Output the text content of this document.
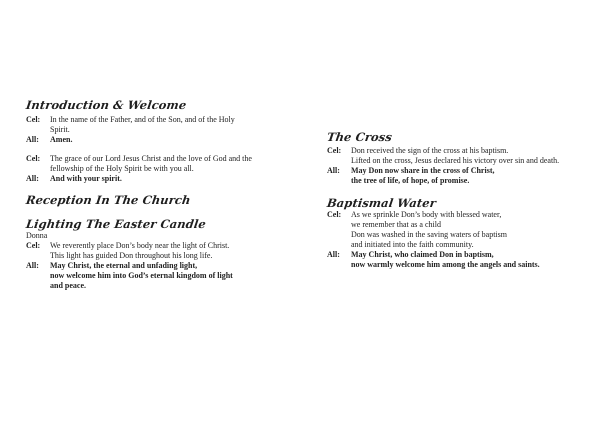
Introduction & Welcome
Cel:	In the name of the Father, and of the Son, and of the Holy
Spirit.
All:	Amen.
Cel:	The grace of our Lord Jesus Christ and the love of God and the
fellowship of the Holy Spirit be with you all.
All:	And with your spirit.
Reception In The Church
Lighting The Easter Candle
Donna
Cel:	We reverently place Don’s body near the light of Christ.
This light has guided Don throughout his long life.
All:	May Christ, the eternal and unfading light,
now welcome him into God’s eternal kingdom of light
and peace.
The Cross
Cel:	Don received the sign of the cross at his baptism.
Lifted on the cross, Jesus declared his victory over sin and death.
All:	May Don now share in the cross of Christ,
the tree of life, of hope, of promise.
Baptismal Water
Cel:	As we sprinkle Don’s body with blessed water,
we remember that as a child
Don was washed in the saving waters of baptism
and initiated into the faith community.
All:	May Christ, who claimed Don in baptism,
now warmly welcome him among the angels and saints.
